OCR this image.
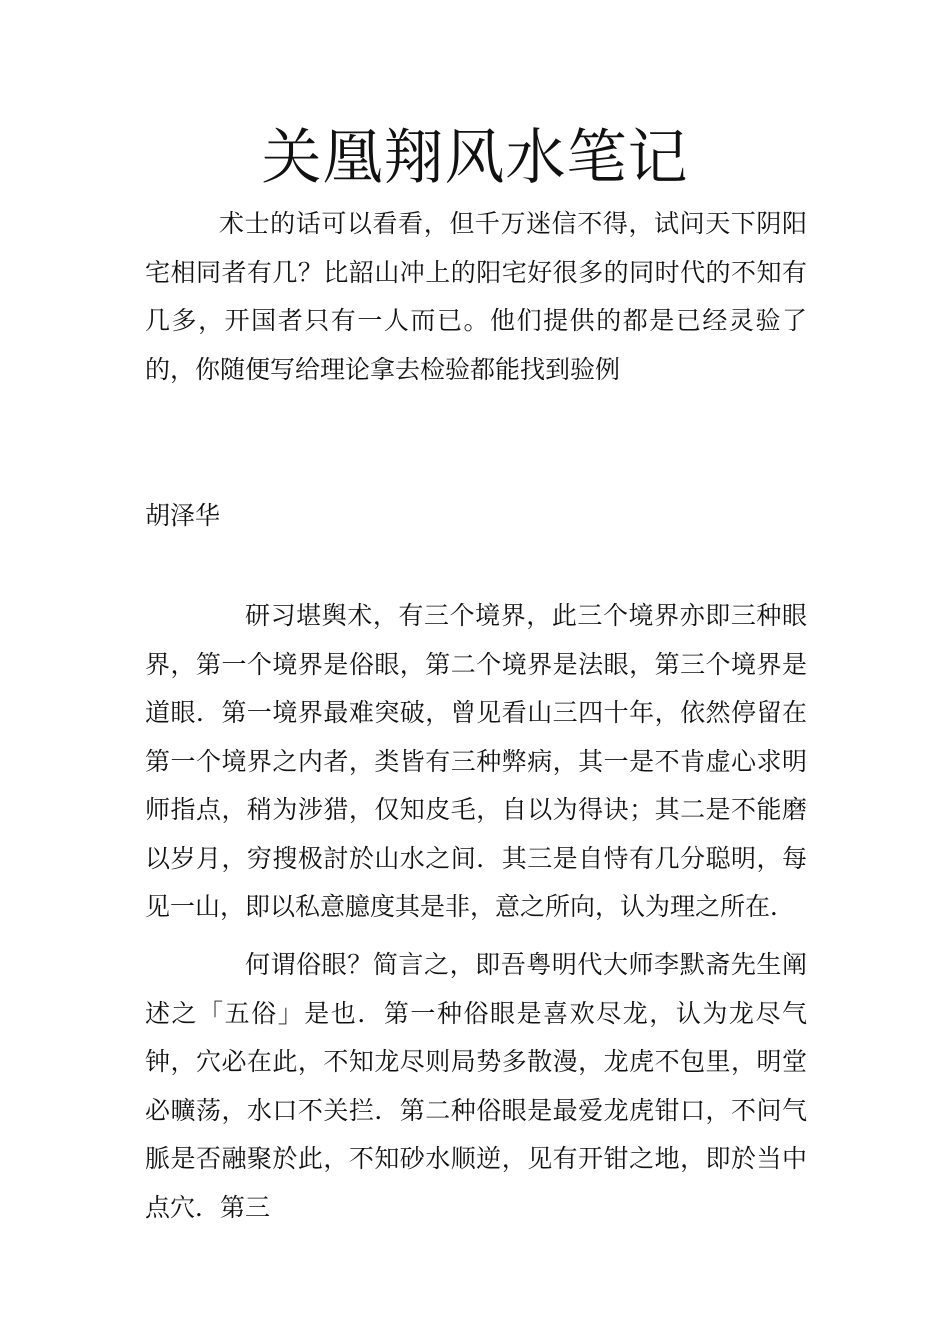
关凰翔风水笔记
术士的话可以看看，但千万迷信不得，试问天下阴阳宅相同者有几？比韶山冲上的阳宅好很多的同时代的不知有几多，开国者只有一人而已。他们提供的都是已经灵验了的，你随便写给理论拿去检验都能找到验例
胡泽华
研习堪舆术，有三个境界，此三个境界亦即三种眼界，第一个境界是俗眼，第二个境界是法眼，第三个境界是道眼．第一境界最难突破，曾见看山三四十年，依然停留在第一个境界之内者，类皆有三种弊病，其一是不肯虚心求明师指点，稍为涉猎，仅知皮毛，自以为得诀；其二是不能磨以岁月，穷搜极討於山水之间．其三是自恃有几分聪明，每见一山，即以私意臆度其是非，意之所向，认为理之所在．
何谓俗眼？简言之，即吾粤明代大师李默斋先生阐述之「五俗」是也．第一种俗眼是喜欢尽龙，认为龙尽气钟，穴必在此，不知龙尽则局势多散漫，龙虎不包里，明堂必曠荡，水口不关拦．第二种俗眼是最爱龙虎钳口，不问气脈是否融聚於此，不知砂水顺逆，见有开钳之地，即於当中点穴．第三
